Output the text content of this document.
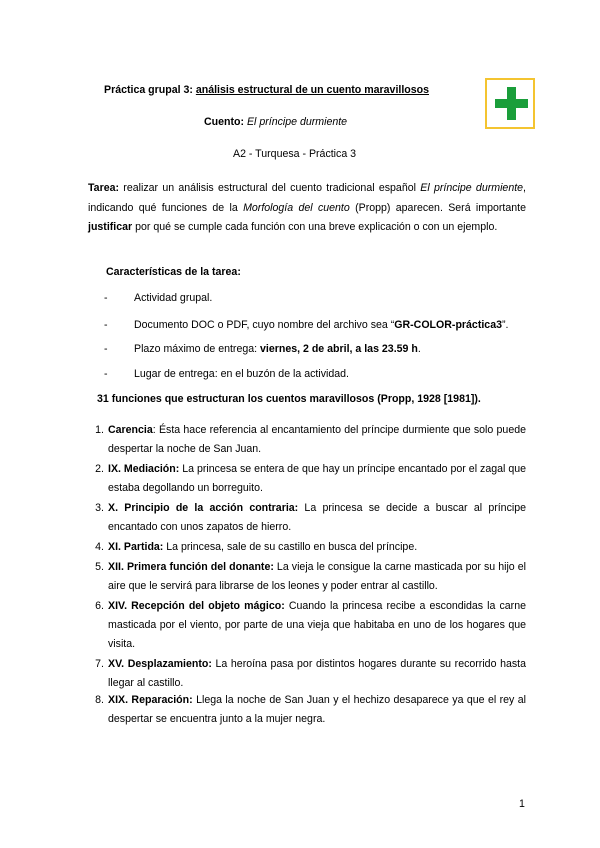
Práctica grupal 3: análisis estructural de un cuento maravillosos
Cuento: El príncipe durmiente
A2 - Turquesa - Práctica 3
Tarea: realizar un análisis estructural del cuento tradicional español El príncipe durmiente, indicando qué funciones de la Morfología del cuento (Propp) aparecen. Será importante justificar por qué se cumple cada función con una breve explicación o con un ejemplo.
Características de la tarea:
- Actividad grupal.
- Documento DOC o PDF, cuyo nombre del archivo sea “GR-COLOR-práctica3”.
- Plazo máximo de entrega: viernes, 2 de abril, a las 23.59 h.
- Lugar de entrega: en el buzón de la actividad.
31 funciones que estructuran los cuentos maravillosos (Propp, 1928 [1981]).
1. Carencia: Ésta hace referencia al encantamiento del príncipe durmiente que solo puede despertar la noche de San Juan.
2. IX. Mediación: La princesa se entera de que hay un príncipe encantado por el zagal que estaba degollando un borreguito.
3. X. Principio de la acción contraria: La princesa se decide a buscar al príncipe encantado con unos zapatos de hierro.
4. XI. Partida: La princesa, sale de su castillo en busca del príncipe.
5. XII. Primera función del donante: La vieja le consigue la carne masticada por su hijo el aire que le servirá para librarse de los leones y poder entrar al castillo.
6. XIV. Recepción del objeto mágico: Cuando la princesa recibe a escondidas la carne masticada por el viento, por parte de una vieja que habitaba en uno de los hogares que visita.
7. XV. Desplazamiento: La heroína pasa por distintos hogares durante su recorrido hasta llegar al castillo.
8. XIX. Reparación: Llega la noche de San Juan y el hechizo desaparece ya que el rey al despertar se encuentra junto a la mujer negra.
1
